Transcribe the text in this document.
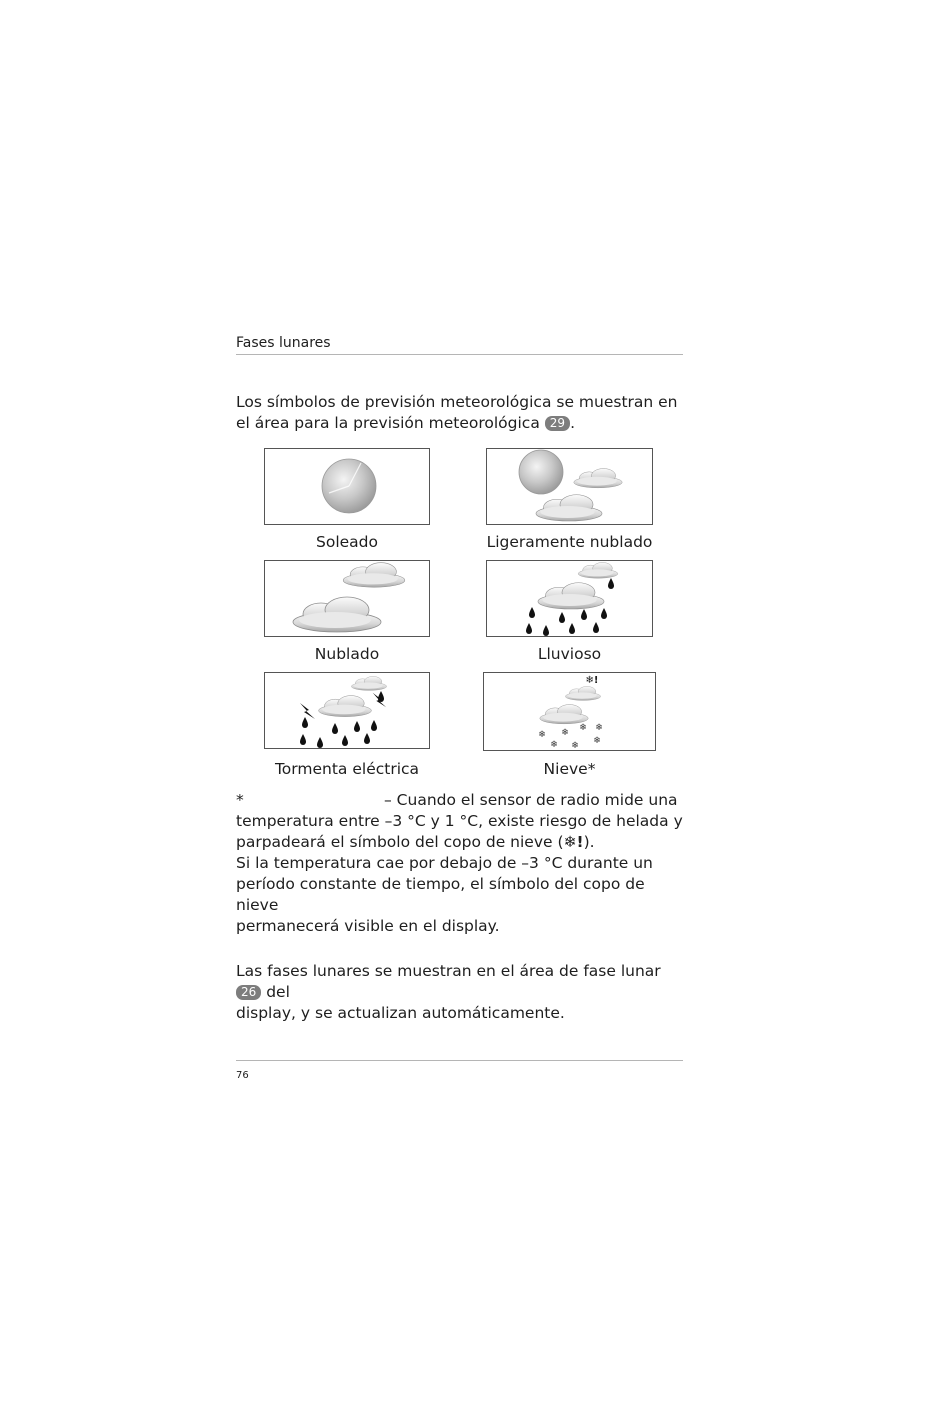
Fases lunares
Los símbolos de previsión meteorológica se muestran en el área para la previsión meteorológica 29 .
Soleado	Ligeramente nublado
Nublado	Lluvioso
Tormenta eléctrica
❄!
Nieve*
*	– Cuando el sensor de radio mide una
temperatura entre –3 °C y 1 °C, existe riesgo de helada y
parpadeará el símbolo del copo de nieve (❄!).
Si la temperatura cae por debajo de –3 °C durante un
período constante de tiempo, el símbolo del copo de nieve
permanecerá visible en el display.
Las fases lunares se muestran en el área de fase lunar 26 del
display, y se actualizan automáticamente.
76
